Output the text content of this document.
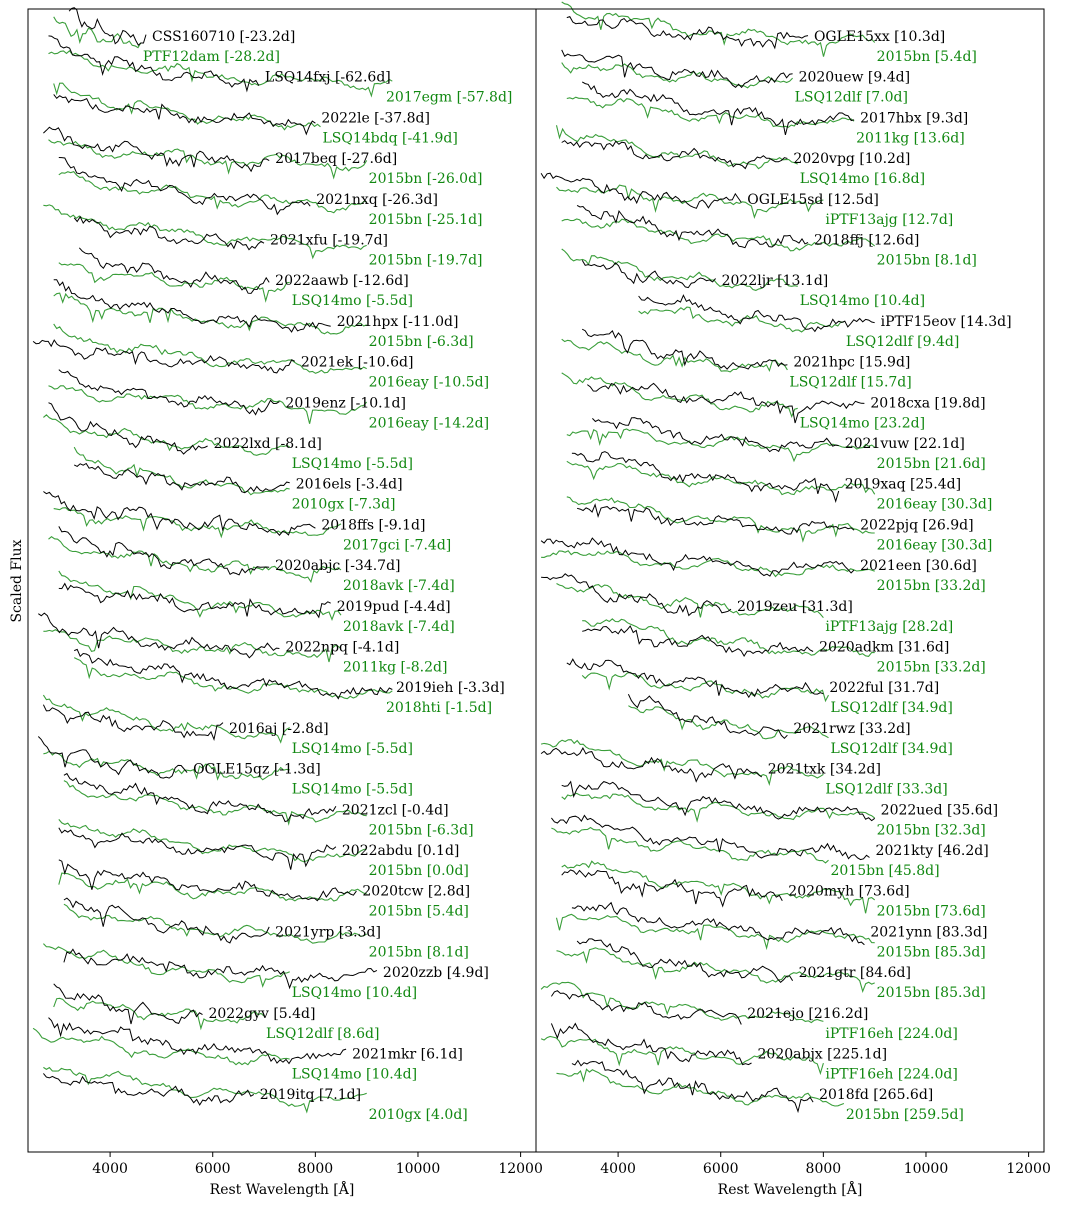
CSS160710 [-23.2d]
PTF12dam [-28.2d]
LSQ14fxj [-62.6d]
2017egm [-57.8d]
2022le [-37.8d]
LSQ14bdq [-41.9d]
2017beq [-27.6d]
2015bn [-26.0d]
2021nxq [-26.3d]
2015bn [-25.1d]
2021xfu [-19.7d]
2015bn [-19.7d]
2022aawb [-12.6d]
LSQ14mo [-5.5d]
2021hpx [-11.0d]
2015bn [-6.3d]
2021ek [-10.6d]
2016eay [-10.5d]
2019enz [-10.1d]
2016eay [-14.2d]
2022lxd [-8.1d]
LSQ14mo [-5.5d]
2016els [-3.4d]
2010gx [-7.3d]
2018ffs [-9.1d]
2017gci [-7.4d]
2020abjc [-34.7d]
2018avk [-7.4d]
2019pud [-4.4d]
2018avk [-7.4d]
2022npq [-4.1d]
2011kg [-8.2d]
2019ieh [-3.3d]
2018hti [-1.5d]
2016aj [-2.8d]
LSQ14mo [-5.5d]
OGLE15qz [-1.3d]
LSQ14mo [-5.5d]
2021zcl [-0.4d]
2015bn [-6.3d]
2022abdu [0.1d]
2015bn [0.0d]
2020tcw [2.8d]
2015bn [5.4d]
2021yrp [3.3d]
2015bn [8.1d]
2020zzb [4.9d]
LSQ14mo [10.4d]
2022gyv [5.4d]
LSQ12dlf [8.6d]
2021mkr [6.1d]
LSQ14mo [10.4d]
2019itq [7.1d]
2010gx [4.0d]
OGLE15xx [10.3d]
2015bn [5.4d]
2020uew [9.4d]
LSQ12dlf [7.0d]
2017hbx [9.3d]
2011kg [13.6d]
2020vpg [10.2d]
LSQ14mo [16.8d]
OGLE15sd [12.5d]
iPTF13ajg [12.7d]
2018ffj [12.6d]
2015bn [8.1d]
2022ljr [13.1d]
LSQ14mo [10.4d]
iPTF15eov [14.3d]
LSQ12dlf [9.4d]
2021hpc [15.9d]
LSQ12dlf [15.7d]
2018cxa [19.8d]
LSQ14mo [23.2d]
2021vuw [22.1d]
2015bn [21.6d]
2019xaq [25.4d]
2016eay [30.3d]
2022pjq [26.9d]
2016eay [30.3d]
2021een [30.6d]
2015bn [33.2d]
2019zeu [31.3d]
iPTF13ajg [28.2d]
2020adkm [31.6d]
2015bn [33.2d]
2022ful [31.7d]
LSQ12dlf [34.9d]
2021rwz [33.2d]
LSQ12dlf [34.9d]
2021txk [34.2d]
LSQ12dlf [33.3d]
2022ued [35.6d]
2015bn [32.3d]
2021kty [46.2d]
2015bn [45.8d]
2020myh [73.6d]
2015bn [73.6d]
2021ynn [83.3d]
2015bn [85.3d]
2021gtr [84.6d]
2015bn [85.3d]
2021ejo [216.2d]
iPTF16eh [224.0d]
2020abjx [225.1d]
iPTF16eh [224.0d]
2018fd [265.6d]
2015bn [259.5d]
4000	6000	8000	10000	12000
Rest Wavelength [Å]
4000	6000	8000	10000	12000
Rest Wavelength [Å]
Scaled Flux
